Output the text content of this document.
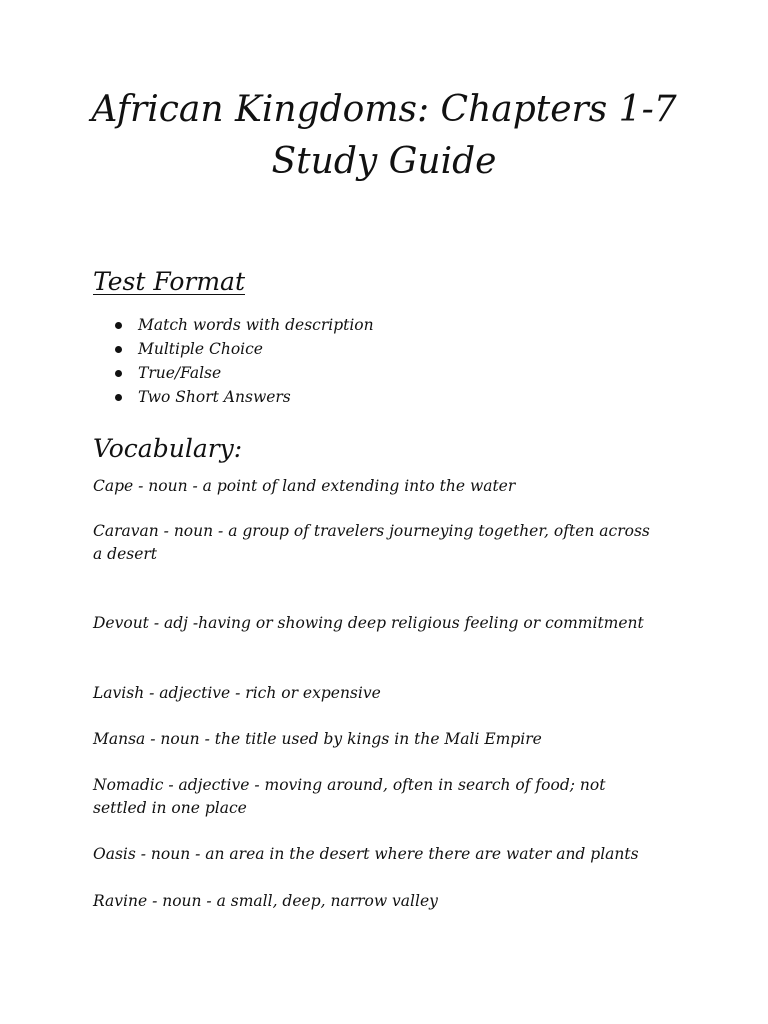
African Kingdoms: Chapters 1-7
Study Guide
Test Format
Match words with description
Multiple Choice
True/False
Two Short Answers
Vocabulary:

Cape - noun - a point of land extending into the water

Caravan - noun - a group of travelers journeying together, often across a desert

Devout - adj -having or showing deep religious feeling or commitment

Lavish - adjective - rich or expensive

Mansa - noun - the title used by kings in the Mali Empire

Nomadic - adjective - moving around, often in search of food; not settled in one place

Oasis - noun - an area in the desert where there are water and plants

Ravine - noun - a small, deep, narrow valley
